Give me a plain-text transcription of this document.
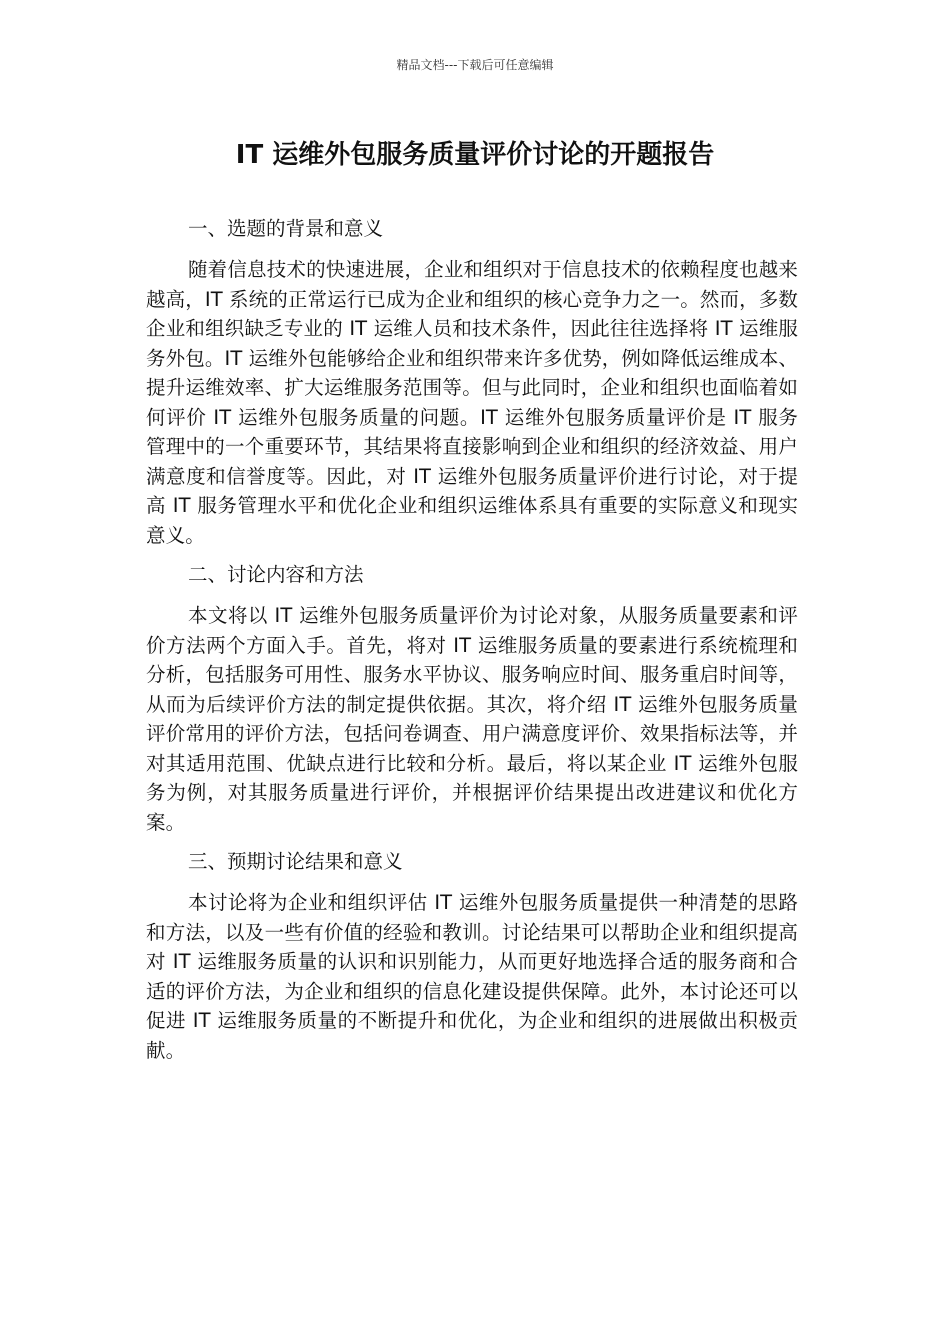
精品文档---下载后可任意编辑
IT 运维外包服务质量评价讨论的开题报告
一、选题的背景和意义

随着信息技术的快速进展，企业和组织对于信息技术的依赖程度也越来越高，IT 系统的正常运行已成为企业和组织的核心竞争力之一。然而，多数企业和组织缺乏专业的 IT 运维人员和技术条件，因此往往选择将 IT 运维服务外包。IT 运维外包能够给企业和组织带来许多优势，例如降低运维成本、提升运维效率、扩大运维服务范围等。但与此同时，企业和组织也面临着如何评价 IT 运维外包服务质量的问题。IT 运维外包服务质量评价是 IT 服务管理中的一个重要环节，其结果将直接影响到企业和组织的经济效益、用户满意度和信誉度等。因此，对 IT 运维外包服务质量评价进行讨论，对于提高 IT 服务管理水平和优化企业和组织运维体系具有重要的实际意义和现实意义。

二、讨论内容和方法

本文将以 IT 运维外包服务质量评价为讨论对象，从服务质量要素和评价方法两个方面入手。首先，将对 IT 运维服务质量的要素进行系统梳理和分析，包括服务可用性、服务水平协议、服务响应时间、服务重启时间等，从而为后续评价方法的制定提供依据。其次，将介绍 IT 运维外包服务质量评价常用的评价方法，包括问卷调查、用户满意度评价、效果指标法等，并对其适用范围、优缺点进行比较和分析。最后，将以某企业 IT 运维外包服务为例，对其服务质量进行评价，并根据评价结果提出改进建议和优化方案。

三、预期讨论结果和意义

本讨论将为企业和组织评估 IT 运维外包服务质量提供一种清楚的思路和方法，以及一些有价值的经验和教训。讨论结果可以帮助企业和组织提高对 IT 运维服务质量的认识和识别能力，从而更好地选择合适的服务商和合适的评价方法，为企业和组织的信息化建设提供保障。此外，本讨论还可以促进 IT 运维服务质量的不断提升和优化，为企业和组织的进展做出积极贡献。
